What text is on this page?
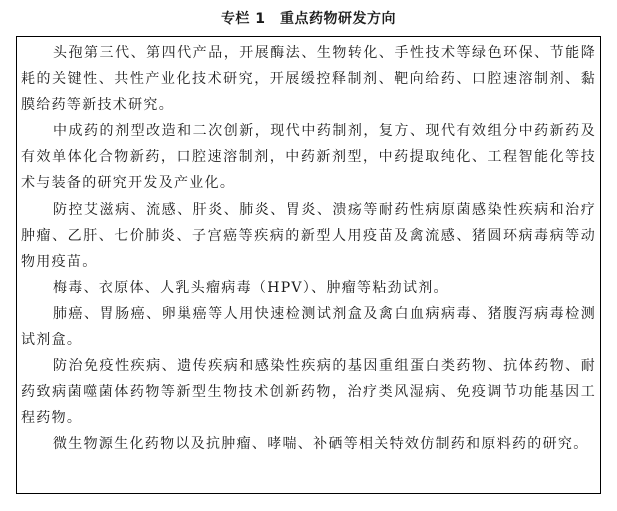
专栏 1　重点药物研发方向

头孢第三代、第四代产品，开展酶法、生物转化、手性技术等绿色环保、节能降耗的关键性、共性产业化技术研究，开展缓控释制剂、靶向给药、口腔速溶制剂、黏膜给药等新技术研究。

中成药的剂型改造和二次创新，现代中药制剂，复方、现代有效组分中药新药及有效单体化合物新药，口腔速溶制剂，中药新剂型，中药提取纯化、工程智能化等技术与装备的研究开发及产业化。

防控艾滋病、流感、肝炎、肺炎、胃炎、溃疡等耐药性病原菌感染性疾病和治疗肿瘤、乙肝、七价肺炎、子宫癌等疾病的新型人用疫苗及禽流感、猪圆环病毒病等动物用疫苗。

梅毒、衣原体、人乳头瘤病毒（HPV）、肿瘤等粘劲试剂。

肺癌、胃肠癌、卵巢癌等人用快速检测试剂盒及禽白血病病毒、猪腹泻病毒检测试剂盒。

防治免疫性疾病、遗传疾病和感染性疾病的基因重组蛋白类药物、抗体药物、耐药致病菌噬菌体药物等新型生物技术创新药物，治疗类风湿病、免疫调节功能基因工程药物。

微生物源生化药物以及抗肿瘤、哮喘、补硒等相关特效仿制药和原料药的研究。
